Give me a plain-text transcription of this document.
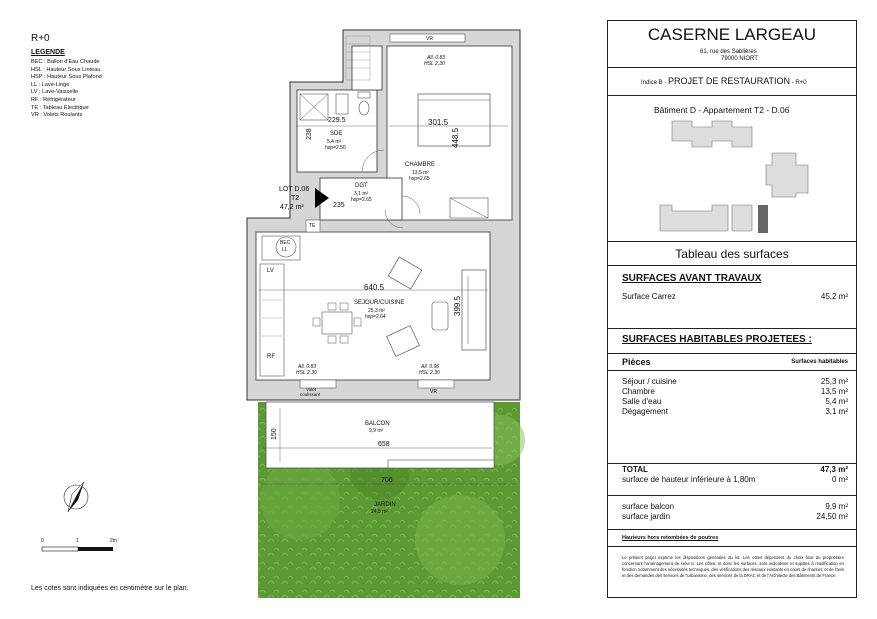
R+0
LEGENDE
BEC : Ballon d'Eau Chaude
HSL : Hauteur Sous Linteau
HSP : Hauteur Sous Plafond
LL : Lave-Linge
LV : Lave-Vaisselle
RF : Réfrigérateur
TE : Tableau Electrique
VR : Volets Roulants
VR
All. 0.83
HSL 2.30
229.5
238	SDE
5,4 m²
hsp=2.50
301.5
448.5
CHAMBRE
13,5 m²
hsp=2.65
DGT
3,1 m²
hsp=2.65
235
LOT D.06
T2
47,2 m²
TE
BEC
LL
LV
RF
640.5
399.5
SEJOUR/CUISINE
25,3 m²
hsp=2.64
All. 0.83
HSL 2.30
All. 0.96
HSL 2.30
Volet
coulissant	VR
BALCON
9,9 m²
150
658
706
JARDIN
24,5 m²
0	1	2m
Les cotes sont indiquées en centimètre sur le plan.
CASERNE LARGEAU
61, rue des Sablières
79000 NIORT
Indice B - PROJET DE RESTAURATION - R+0
Bâtiment D - Appartement T2 - D.06
Tableau des surfaces
SURFACES AVANT TRAVAUX
Surface Carrez	45,2 m²
SURFACES HABITABLES PROJETEES :
Pièces	Surfaces habitables
Séjour / cuisine	25,3 m²
Chambre	13,5 m²
Salle d'eau	5,4 m²
Dégagement	3,1 m²
TOTAL	47,3 m²
surface de hauteur inférieure à 1,80m	0 m²
surface balcon	9,9 m²
surface jardin	24,50 m²
Hauteurs hors retombées de poutres
Le présent projet exprime les dispositions générales du lot. Les cotes dépendent du choix final du propriétaire concernant l'aménagement de celui-ci. Les côtes, et donc les surfaces, sont indicatives et sujettes à modification en fonction notamment des nécessités techniques, des vérifications des réseaux existants en cours de chantier, et de l'avis et des demandes des services de l'urbanisme, des services de la DRAC et de l'Architecte des Bâtiments de France.
